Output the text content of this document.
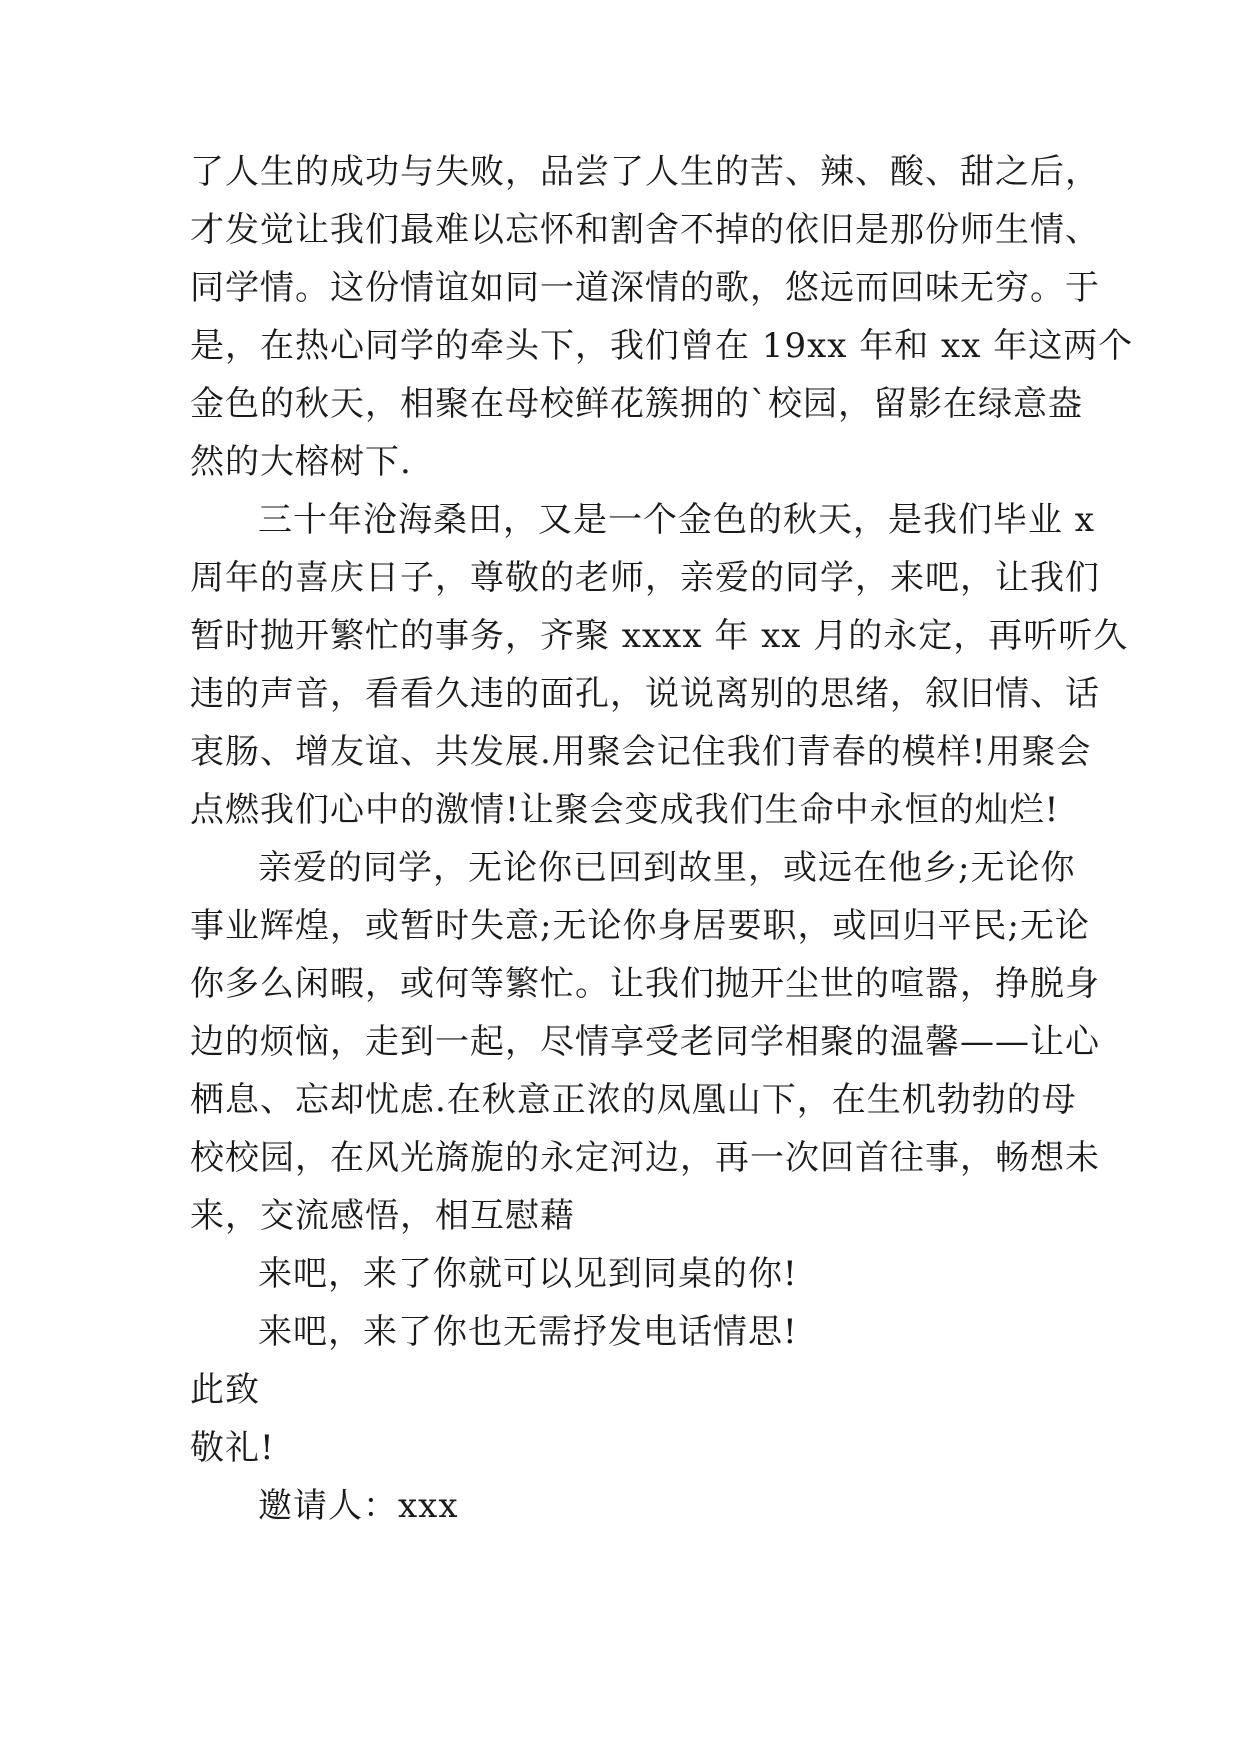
了人生的成功与失败，品尝了人生的苦、辣、酸、甜之后，
才发觉让我们最难以忘怀和割舍不掉的依旧是那份师生情、
同学情。这份情谊如同一道深情的歌，悠远而回味无穷。于
是，在热心同学的牵头下，我们曾在 19xx 年和 xx 年这两个
金色的秋天，相聚在母校鲜花簇拥的`校园，留影在绿意盎
然的大榕树下.
三十年沧海桑田，又是一个金色的秋天，是我们毕业 x
周年的喜庆日子，尊敬的老师，亲爱的同学，来吧，让我们
暂时抛开繁忙的事务，齐聚 xxxx 年 xx 月的永定，再听听久
违的声音，看看久违的面孔，说说离别的思绪，叙旧情、话
衷肠、增友谊、共发展.用聚会记住我们青春的模样!用聚会
点燃我们心中的激情!让聚会变成我们生命中永恒的灿烂!
亲爱的同学，无论你已回到故里，或远在他乡;无论你
事业辉煌，或暂时失意;无论你身居要职，或回归平民;无论
你多么闲暇，或何等繁忙。让我们抛开尘世的喧嚣，挣脱身
边的烦恼，走到一起，尽情享受老同学相聚的温馨——让心
栖息、忘却忧虑.在秋意正浓的凤凰山下，在生机勃勃的母
校校园，在风光旖旎的永定河边，再一次回首往事，畅想未
来，交流感悟，相互慰藉
来吧，来了你就可以见到同桌的你!
来吧，来了你也无需抒发电话情思!
此致
敬礼!
邀请人：xxx
